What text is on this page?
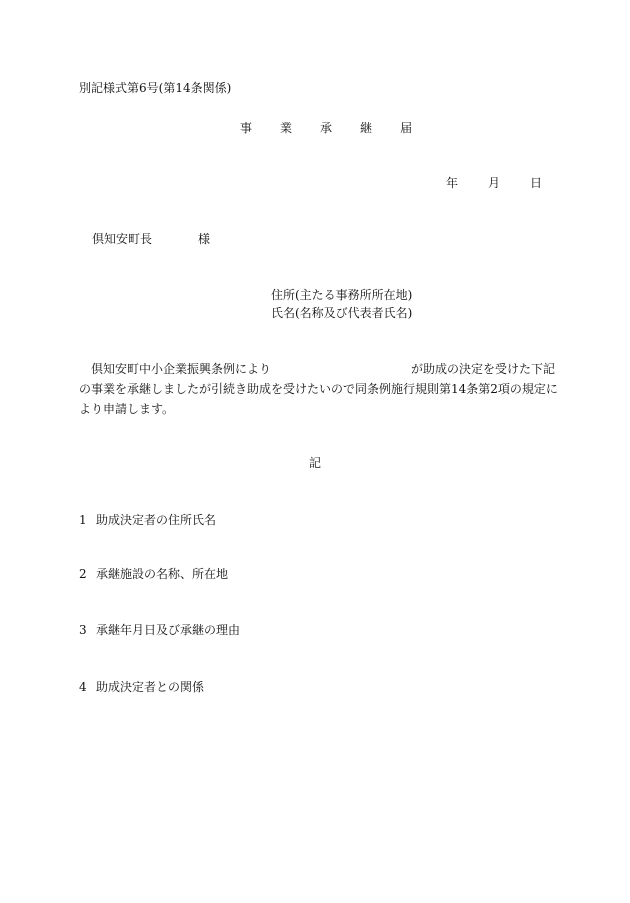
別記様式第6号(第14条関係)
事 業 承 継 届
年	月	日
倶知安町長	様
住所(主たる事務所所在地)
氏名(名称及び代表者氏名)
倶知安町中小企業振興条例により	が助成の決定を受けた下記
の事業を承継しましたが引続き助成を受けたいので同条例施行規則第14条第2項の規定に
より申請します。
記
1 助成決定者の住所氏名
2 承継施設の名称、所在地
3 承継年月日及び承継の理由
4 助成決定者との関係
